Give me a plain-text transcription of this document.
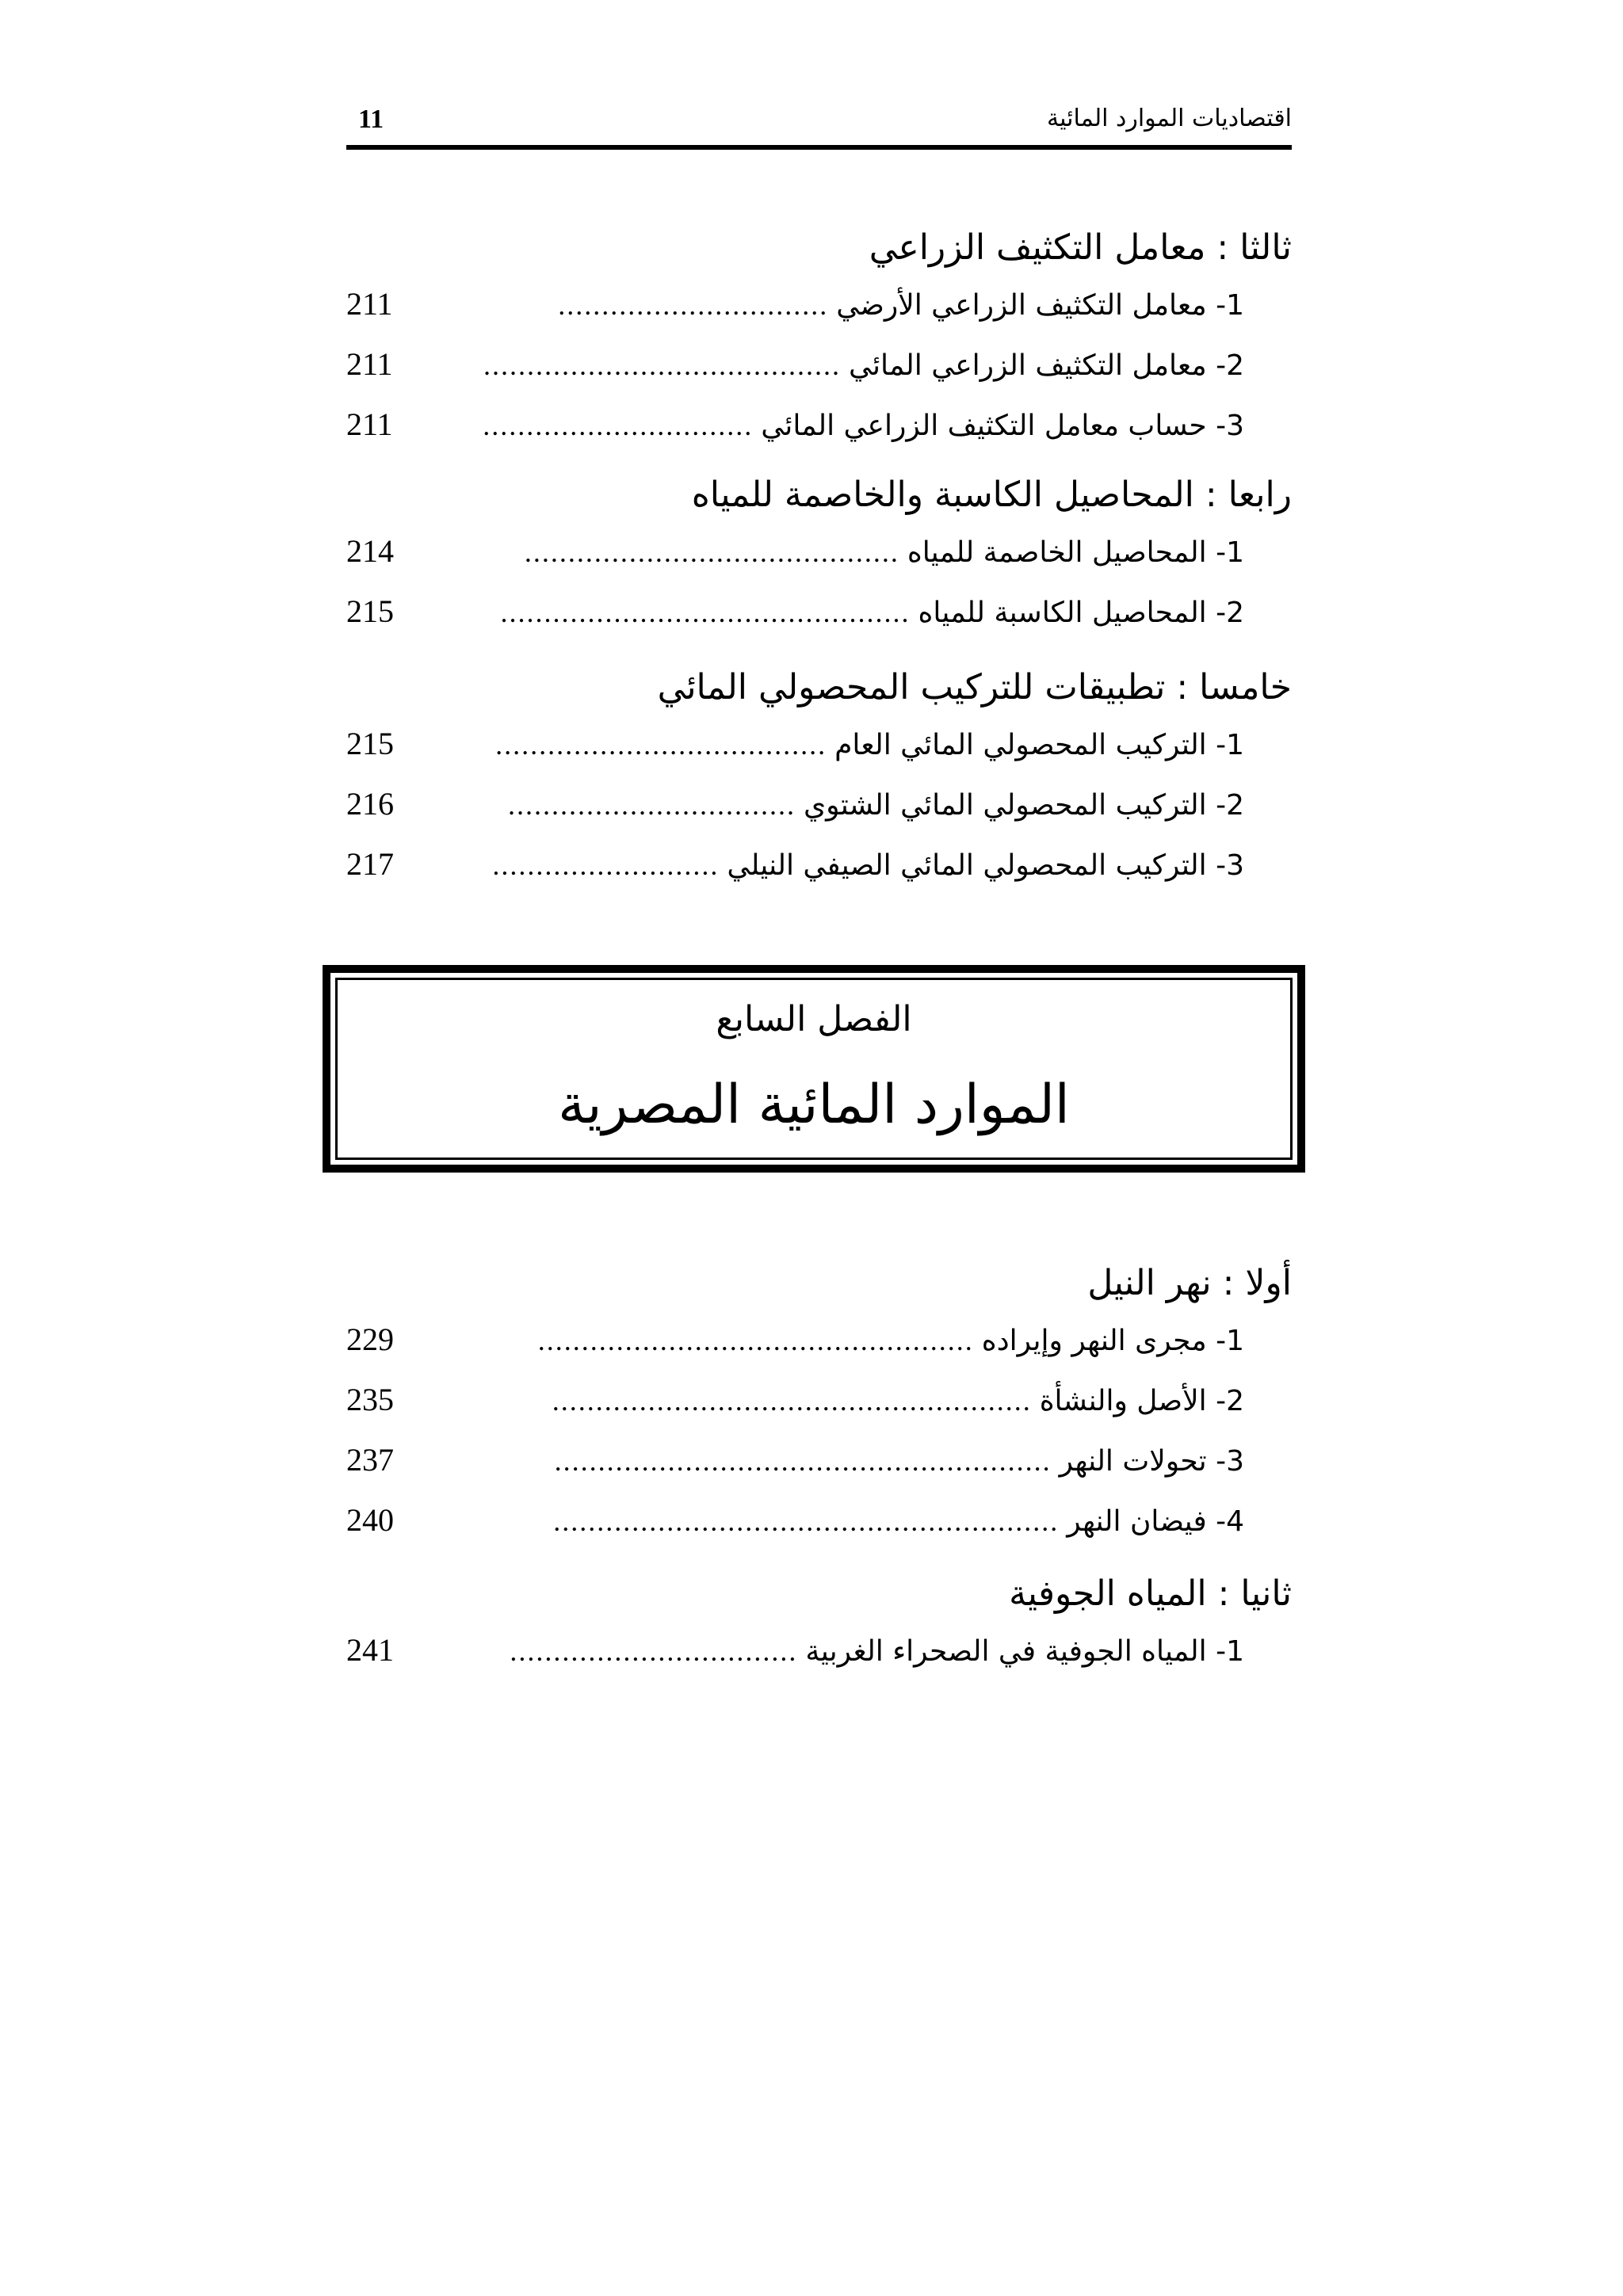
11	اقتصاديات الموارد المائية
ثالثا : معامل التكثيف الزراعي
1- معامل التكثيف الزراعي الأرضي
...............................
211
2- معامل التكثيف الزراعي المائي
.........................................
211
3- حساب معامل التكثيف الزراعي المائي
...............................
211
رابعا : المحاصيل الكاسبة والخاصمة للمياه
1- المحاصيل الخاصمة للمياه
...........................................
214
2- المحاصيل الكاسبة للمياه
...............................................
215
خامسا : تطبيقات للتركيب المحصولي المائي
1- التركيب المحصولي المائي العام
......................................
215
2- التركيب المحصولي المائي الشتوي
.................................
216
3- التركيب المحصولي المائي الصيفي النيلي
..........................
217
الفصل السابع
الموارد المائية المصرية
أولا : نهر النيل
1- مجرى النهر وإيراده
..................................................
229
2- الأصل والنشأة
.......................................................
235
3- تحولات النهر
.........................................................
237
4- فيضان النهر
..........................................................
240
ثانيا : المياه الجوفية
1- المياه الجوفية في الصحراء الغربية
.................................
241
